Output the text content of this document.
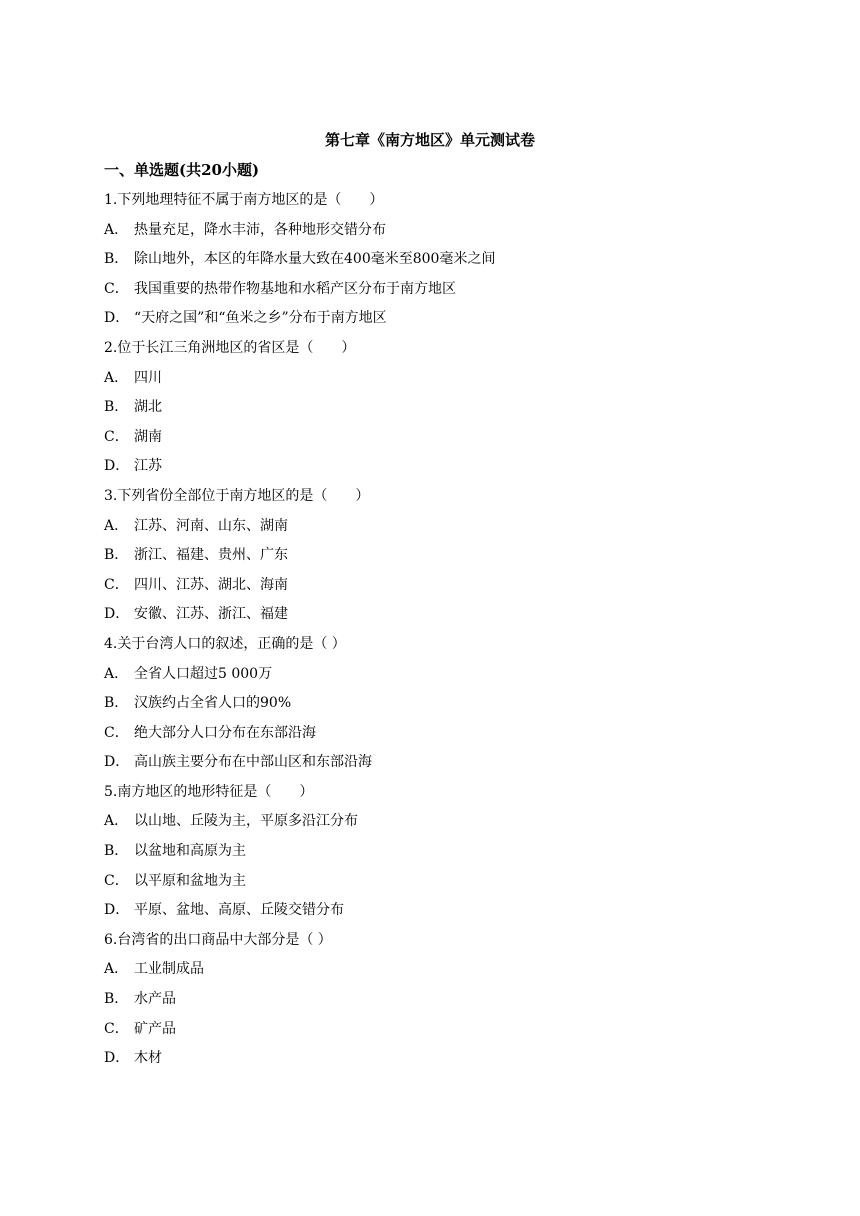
第七章《南方地区》单元测试卷
一、单选题(共20小题)
1.下列地理特征不属于南方地区的是（　　）
A． 热量充足，降水丰沛，各种地形交错分布
B． 除山地外，本区的年降水量大致在400毫米至800毫米之间
C． 我国重要的热带作物基地和水稻产区分布于南方地区
D． “天府之国”和“鱼米之乡”分布于南方地区
2.位于长江三角洲地区的省区是（　　）
A． 四川
B． 湖北
C． 湖南
D． 江苏
3.下列省份全部位于南方地区的是（　　）
A． 江苏、河南、山东、湖南
B． 浙江、福建、贵州、广东
C． 四川、江苏、湖北、海南
D． 安徽、江苏、浙江、福建
4.关于台湾人口的叙述，正确的是（ ）
A． 全省人口超过5 000万
B． 汉族约占全省人口的90%
C． 绝大部分人口分布在东部沿海
D． 高山族主要分布在中部山区和东部沿海
5.南方地区的地形特征是（　　）
A． 以山地、丘陵为主，平原多沿江分布
B． 以盆地和高原为主
C． 以平原和盆地为主
D． 平原、盆地、高原、丘陵交错分布
6.台湾省的出口商品中大部分是（ ）
A． 工业制成品
B． 水产品
C． 矿产品
D． 木材
